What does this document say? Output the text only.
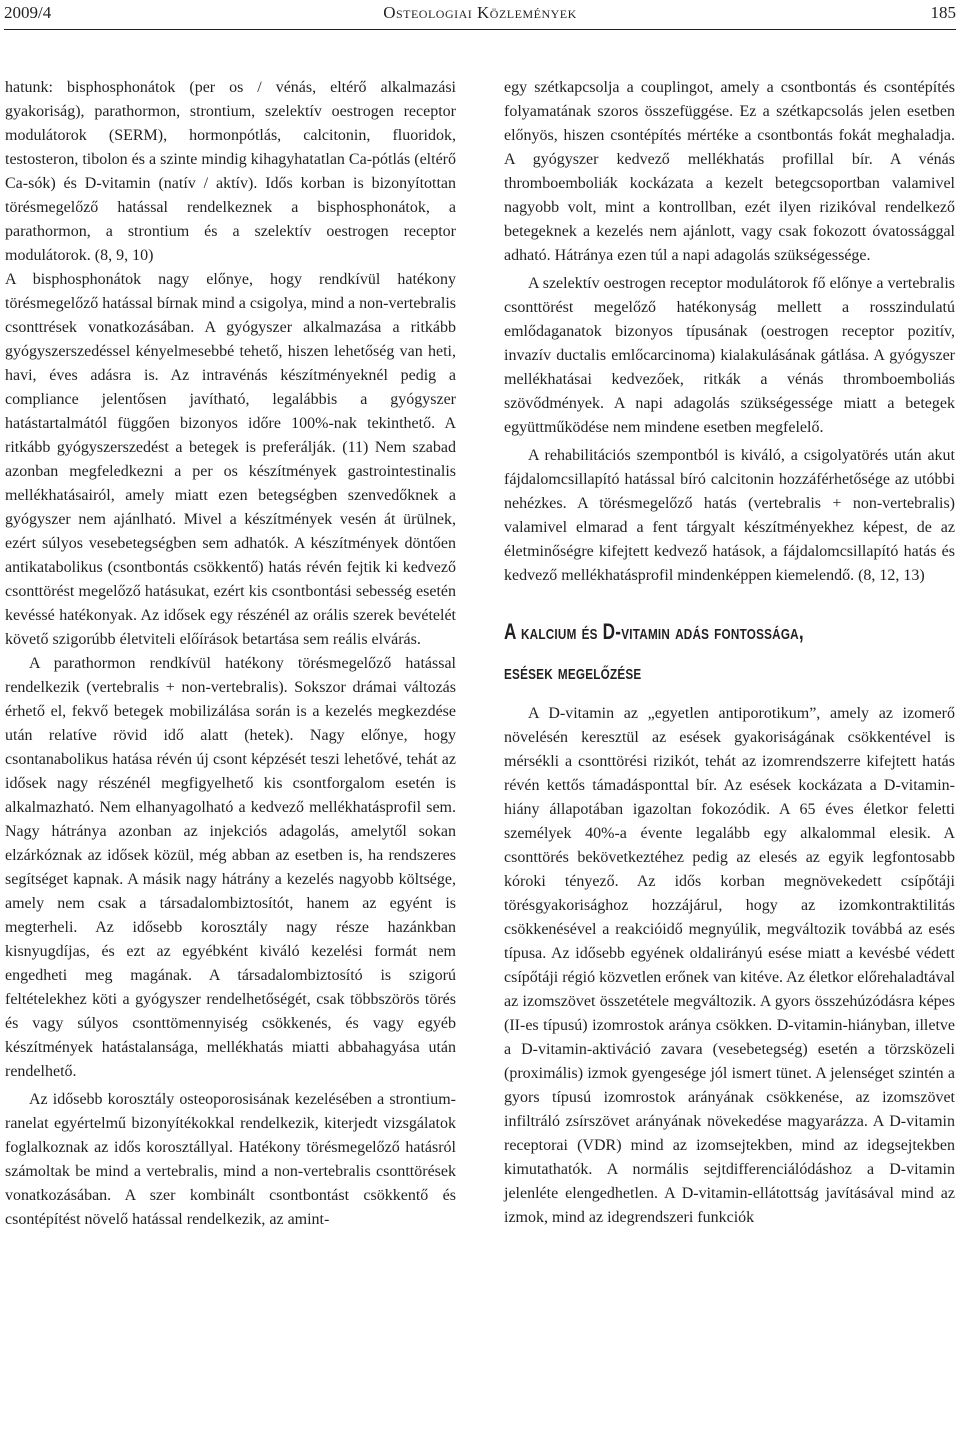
2009/4	Osteologiai Közlemények	185

hatunk: bisphosphonátok (per os / vénás, eltérő alkalmazási gyakoriság), parathormon, strontium, szelektív oestrogen receptor modulátorok (SERM), hormonpótlás, calcitonin, fluoridok, testosteron, tibolon és a szinte mindig kihagyhatatlan Ca-pótlás (eltérő Ca-sók) és D-vitamin (natív / aktív). Idős korban is bizonyítottan törésmegelőző hatással rendelkeznek a bisphosphonátok, a parathormon, a strontium és a szelektív oestrogen receptor modulátorok. (8, 9, 10)

A bisphosphonátok nagy előnye, hogy rendkívül hatékony törésmegelőző hatással bírnak mind a csigolya, mind a non-vertebralis csonttrések vonatkozásában. A gyógyszer alkalmazása a ritkább gyógyszerszedéssel kényelmesebbé tehető, hiszen lehetőség van heti, havi, éves adásra is. Az intravénás készítményeknél pedig a compliance jelentősen javítható, legalábbis a gyógyszer hatástartalmától függően bizonyos időre 100%-nak tekinthető. A ritkább gyógyszerszedést a betegek is preferálják. (11) Nem szabad azonban megfeledkezni a per os készítmények gastrointestinalis mellékhatásairól, amely miatt ezen betegségben szenvedőknek a gyógyszer nem ajánlható. Mivel a készítmények vesén át ürülnek, ezért súlyos vesebetegségben sem adhatók. A készítmények döntően antikatabolikus (csontbontás csökkentő) hatás révén fejtik ki kedvező csonttörést megelőző hatásukat, ezért kis csontbontási sebesség esetén kevéssé hatékonyak. Az idősek egy részénél az orális szerek bevételét követő szigorúbb életviteli előírások betartása sem reális elvárás.

A parathormon rendkívül hatékony törésmegelőző hatással rendelkezik (vertebralis + non-vertebralis). Sokszor drámai változás érhető el, fekvő betegek mobilizálása során is a kezelés megkezdése után relatíve rövid idő alatt (hetek). Nagy előnye, hogy csontanabolikus hatása révén új csont képzését teszi lehetővé, tehát az idősek nagy részénél megfigyelhető kis csontforgalom esetén is alkalmazható. Nem elhanyagolható a kedvező mellékhatásprofil sem. Nagy hátránya azonban az injekciós adagolás, amelytől sokan elzárkóznak az idősek közül, még abban az esetben is, ha rendszeres segítséget kapnak. A másik nagy hátrány a kezelés nagyobb költsége, amely nem csak a társadalombiztosítót, hanem az egyént is megterheli. Az idősebb korosztály nagy része hazánkban kisnyugdíjas, és ezt az egyébként kiváló kezelési formát nem engedheti meg magának. A társadalombiztosító is szigorú feltételekhez köti a gyógyszer rendelhetőségét, csak többszörös törés és vagy súlyos csonttömennyiség csökkenés, és vagy egyéb készítmények hatástalansága, mellékhatás miatti abbahagyása után rendelhető.

Az idősebb korosztály osteoporosisának kezelésében a strontium-ranelat egyértelmű bizonyítékokkal rendelkezik, kiterjedt vizsgálatok foglalkoznak az idős korosztállyal. Hatékony törésmegelőző hatásról számoltak be mind a vertebralis, mind a non-vertebralis csonttörések vonatkozásában. A szer kombinált csontbontást csökkentő és csontépítést növelő hatással rendelkezik, az amint-

egy szétkapcsolja a couplingot, amely a csontbontás és csontépítés folyamatának szoros összefüggése. Ez a szétkapcsolás jelen esetben előnyös, hiszen csontépítés mértéke a csontbontás fokát meghaladja. A gyógyszer kedvező mellékhatás profillal bír. A vénás thromboemboliák kockázata a kezelt betegcsoportban valamivel nagyobb volt, mint a kontrollban, ezét ilyen rizikóval rendelkező betegeknek a kezelés nem ajánlott, vagy csak fokozott óvatossággal adható. Hátránya ezen túl a napi adagolás szükségessége.

A szelektív oestrogen receptor modulátorok fő előnye a vertebralis csonttörést megelőző hatékonyság mellett a rosszindulatú emlődaganatok bizonyos típusának (oestrogen receptor pozitív, invazív ductalis emlőcarcinoma) kialakulásának gátlása. A gyógyszer mellékhatásai kedvezőek, ritkák a vénás thromboemboliás szövődmények. A napi adagolás szükségessége miatt a betegek együttműködése nem mindene esetben megfelelő.

A rehabilitációs szempontból is kiváló, a csigolyatörés után akut fájdalomcsillapító hatással bíró calcitonin hozzáférhetősége az utóbbi nehézkes. A törésmegelőző hatás (vertebralis + non-vertebralis) valamivel elmarad a fent tárgyalt készítményekhez képest, de az életminőségre kifejtett kedvező hatások, a fájdalomcsillapító hatás és kedvező mellékhatásprofil mindenképpen kiemelendő. (8, 12, 13)

A kalcium és D-vitamin adás fontossága,
esések megelőzése

A D-vitamin az „egyetlen antiporotikum”, amely az izomerő növelésén keresztül az esések gyakoriságának csökkentével is mérsékli a csonttörési rizikót, tehát az izomrendszerre kifejtett hatás révén kettős támadásponttal bír. Az esések kockázata a D-vitamin-hiány állapotában igazoltan fokozódik. A 65 éves életkor feletti személyek 40%-a évente legalább egy alkalommal elesik. A csonttörés bekövetkeztéhez pedig az elesés az egyik legfontosabb kóroki tényező. Az idős korban megnövekedett csípőtáji törésgyakorisághoz hozzájárul, hogy az izomkontraktilitás csökkenésével a reakcióidő megnyúlik, megváltozik továbbá az esés típusa. Az idősebb egyének oldalirányú esése miatt a kevésbé védett csípőtáji régió közvetlen erőnek van kitéve. Az életkor előrehaladtával az izomszövet összetétele megváltozik. A gyors összehúzódásra képes (II-es típusú) izomrostok aránya csökken. D-vitamin-hiányban, illetve a D-vitamin-aktiváció zavara (vesebetegség) esetén a törzsközeli (proximális) izmok gyengesége jól ismert tünet. A jelenséget szintén a gyors típusú izomrostok arányának csökkenése, az izomszövet infiltráló zsírszövet arányának növekedése magyarázza. A D-vitamin receptorai (VDR) mind az izomsejtekben, mind az idegsejtekben kimutathatók. A normális sejtdifferenciálódáshoz a D-vitamin jelenléte elengedhetlen. A D-vitamin-ellátottság javításával mind az izmok, mind az idegrendszeri funkciók
